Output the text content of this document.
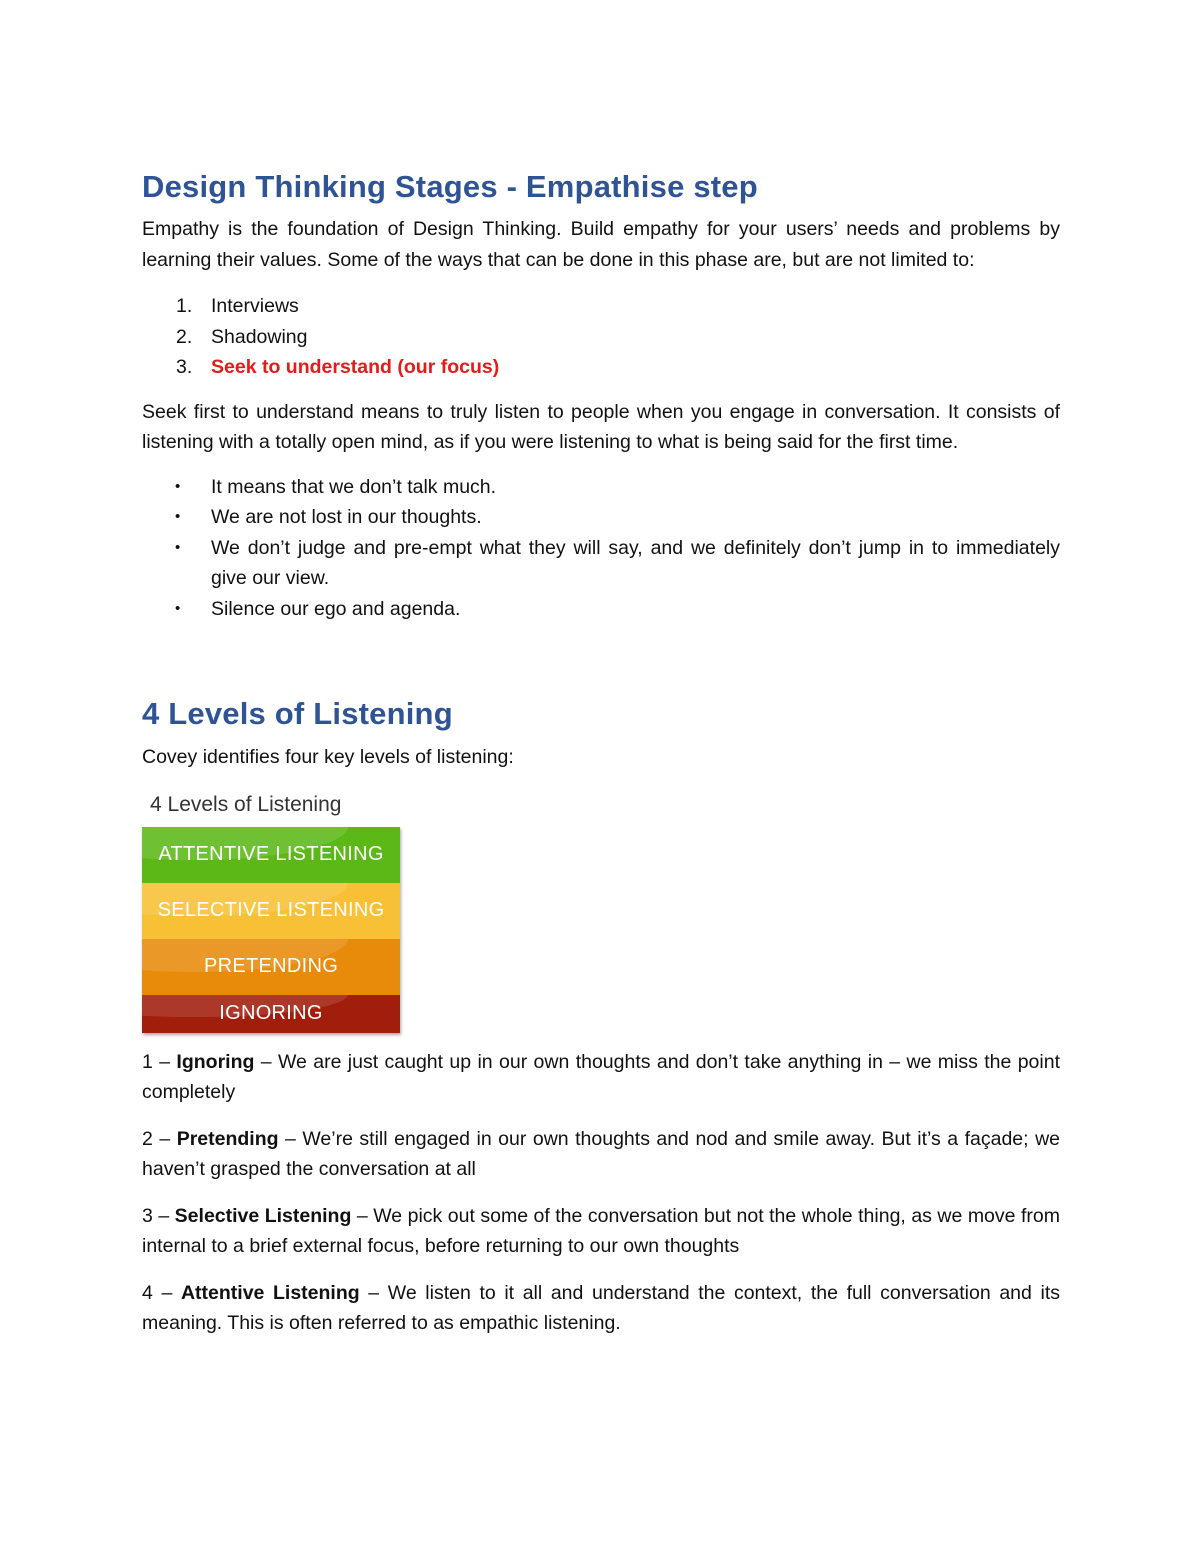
Design Thinking Stages - Empathise step

Empathy is the foundation of Design Thinking. Build empathy for your users’ needs and problems by learning their values. Some of the ways that can be done in this phase are, but are not limited to:

1. Interviews
2. Shadowing
3. Seek to understand (our focus)

Seek first to understand means to truly listen to people when you engage in conversation. It consists of listening with a totally open mind, as if you were listening to what is being said for the first time.

• It means that we don’t talk much.
• We are not lost in our thoughts.
• We don’t judge and pre-empt what they will say, and we definitely don’t jump in to immediately give our view.
• Silence our ego and agenda.
4 Levels of Listening

Covey identifies four key levels of listening:

4 Levels of Listening
ATTENTIVE LISTENING
SELECTIVE LISTENING
PRETENDING
IGNORING

1 – Ignoring – We are just caught up in our own thoughts and don’t take anything in – we miss the point completely

2 – Pretending – We’re still engaged in our own thoughts and nod and smile away. But it’s a façade; we haven’t grasped the conversation at all

3 – Selective Listening – We pick out some of the conversation but not the whole thing, as we move from internal to a brief external focus, before returning to our own thoughts

4 – Attentive Listening – We listen to it all and understand the context, the full conversation and its meaning. This is often referred to as empathic listening.
